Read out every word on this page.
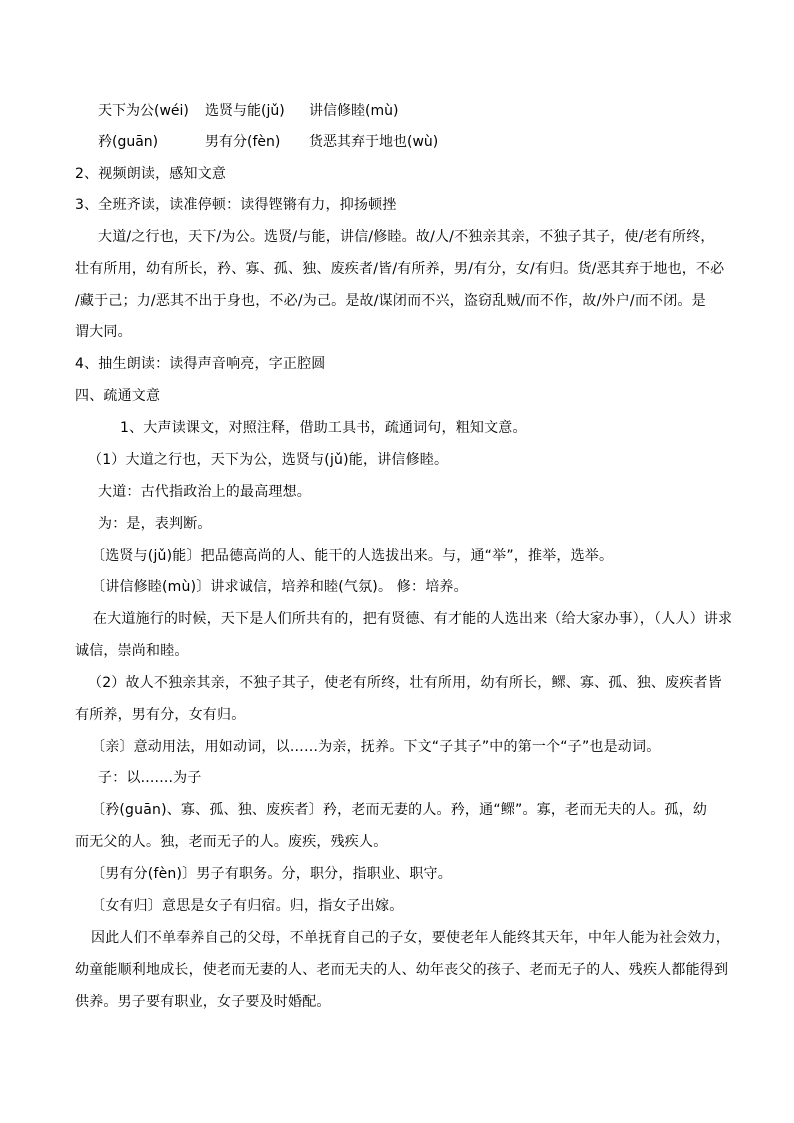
天下为公(wéi) 选贤与能(jǔ) 讲信修睦(mù)
矜(guān)	男有分(fèn) 货恶其弃于地也(wù)
2、视频朗读，感知文意
3、全班齐读，读准停顿：读得铿锵有力，抑扬顿挫
大道/之行也，天下/为公。选贤/与能，讲信/修睦。故/人/不独亲其亲，不独子其子，使/老有所终，
壮有所用，幼有所长，矜、寡、孤、独、废疾者/皆/有所养，男/有分，女/有归。货/恶其弃于地也，不必
/藏于己；力/恶其不出于身也，不必/为己。是故/谋闭而不兴，盗窃乱贼/而不作，故/外户/而不闭。是
谓大同。
4、抽生朗读：读得声音响亮，字正腔圆
四、疏通文意
1、大声读课文，对照注释，借助工具书，疏通词句，粗知文意。
（1）大道之行也，天下为公，选贤与(jǔ)能，讲信修睦。
大道：古代指政治上的最高理想。
为：是，表判断。
〔选贤与(jǔ)能〕把品德高尚的人、能干的人选拔出来。与，通“举”，推举，选举。
〔讲信修睦(mù)〕讲求诚信，培养和睦(气氛)。 修：培养。
在大道施行的时候，天下是人们所共有的，把有贤德、有才能的人选出来（给大家办事），（人人）讲求
诚信，崇尚和睦。
（2）故人不独亲其亲，不独子其子，使老有所终，壮有所用，幼有所长，鳏、寡、孤、独、废疾者皆
有所养，男有分，女有归。
〔亲〕意动用法，用如动词，以……为亲，抚养。下文“子其子”中的第一个“子”也是动词。
子：以.......为子
〔矜(guān)、寡、孤、独、废疾者〕矜，老而无妻的人。矜，通“鳏”。寡，老而无夫的人。孤，幼
而无父的人。独，老而无子的人。废疾，残疾人。
〔男有分(fèn)〕男子有职务。分，职分，指职业、职守。
〔女有归〕意思是女子有归宿。归，指女子出嫁。
因此人们不单奉养自己的父母，不单抚育自己的子女，要使老年人能终其天年，中年人能为社会效力，
幼童能顺利地成长，使老而无妻的人、老而无夫的人、幼年丧父的孩子、老而无子的人、残疾人都能得到
供养。男子要有职业，女子要及时婚配。
